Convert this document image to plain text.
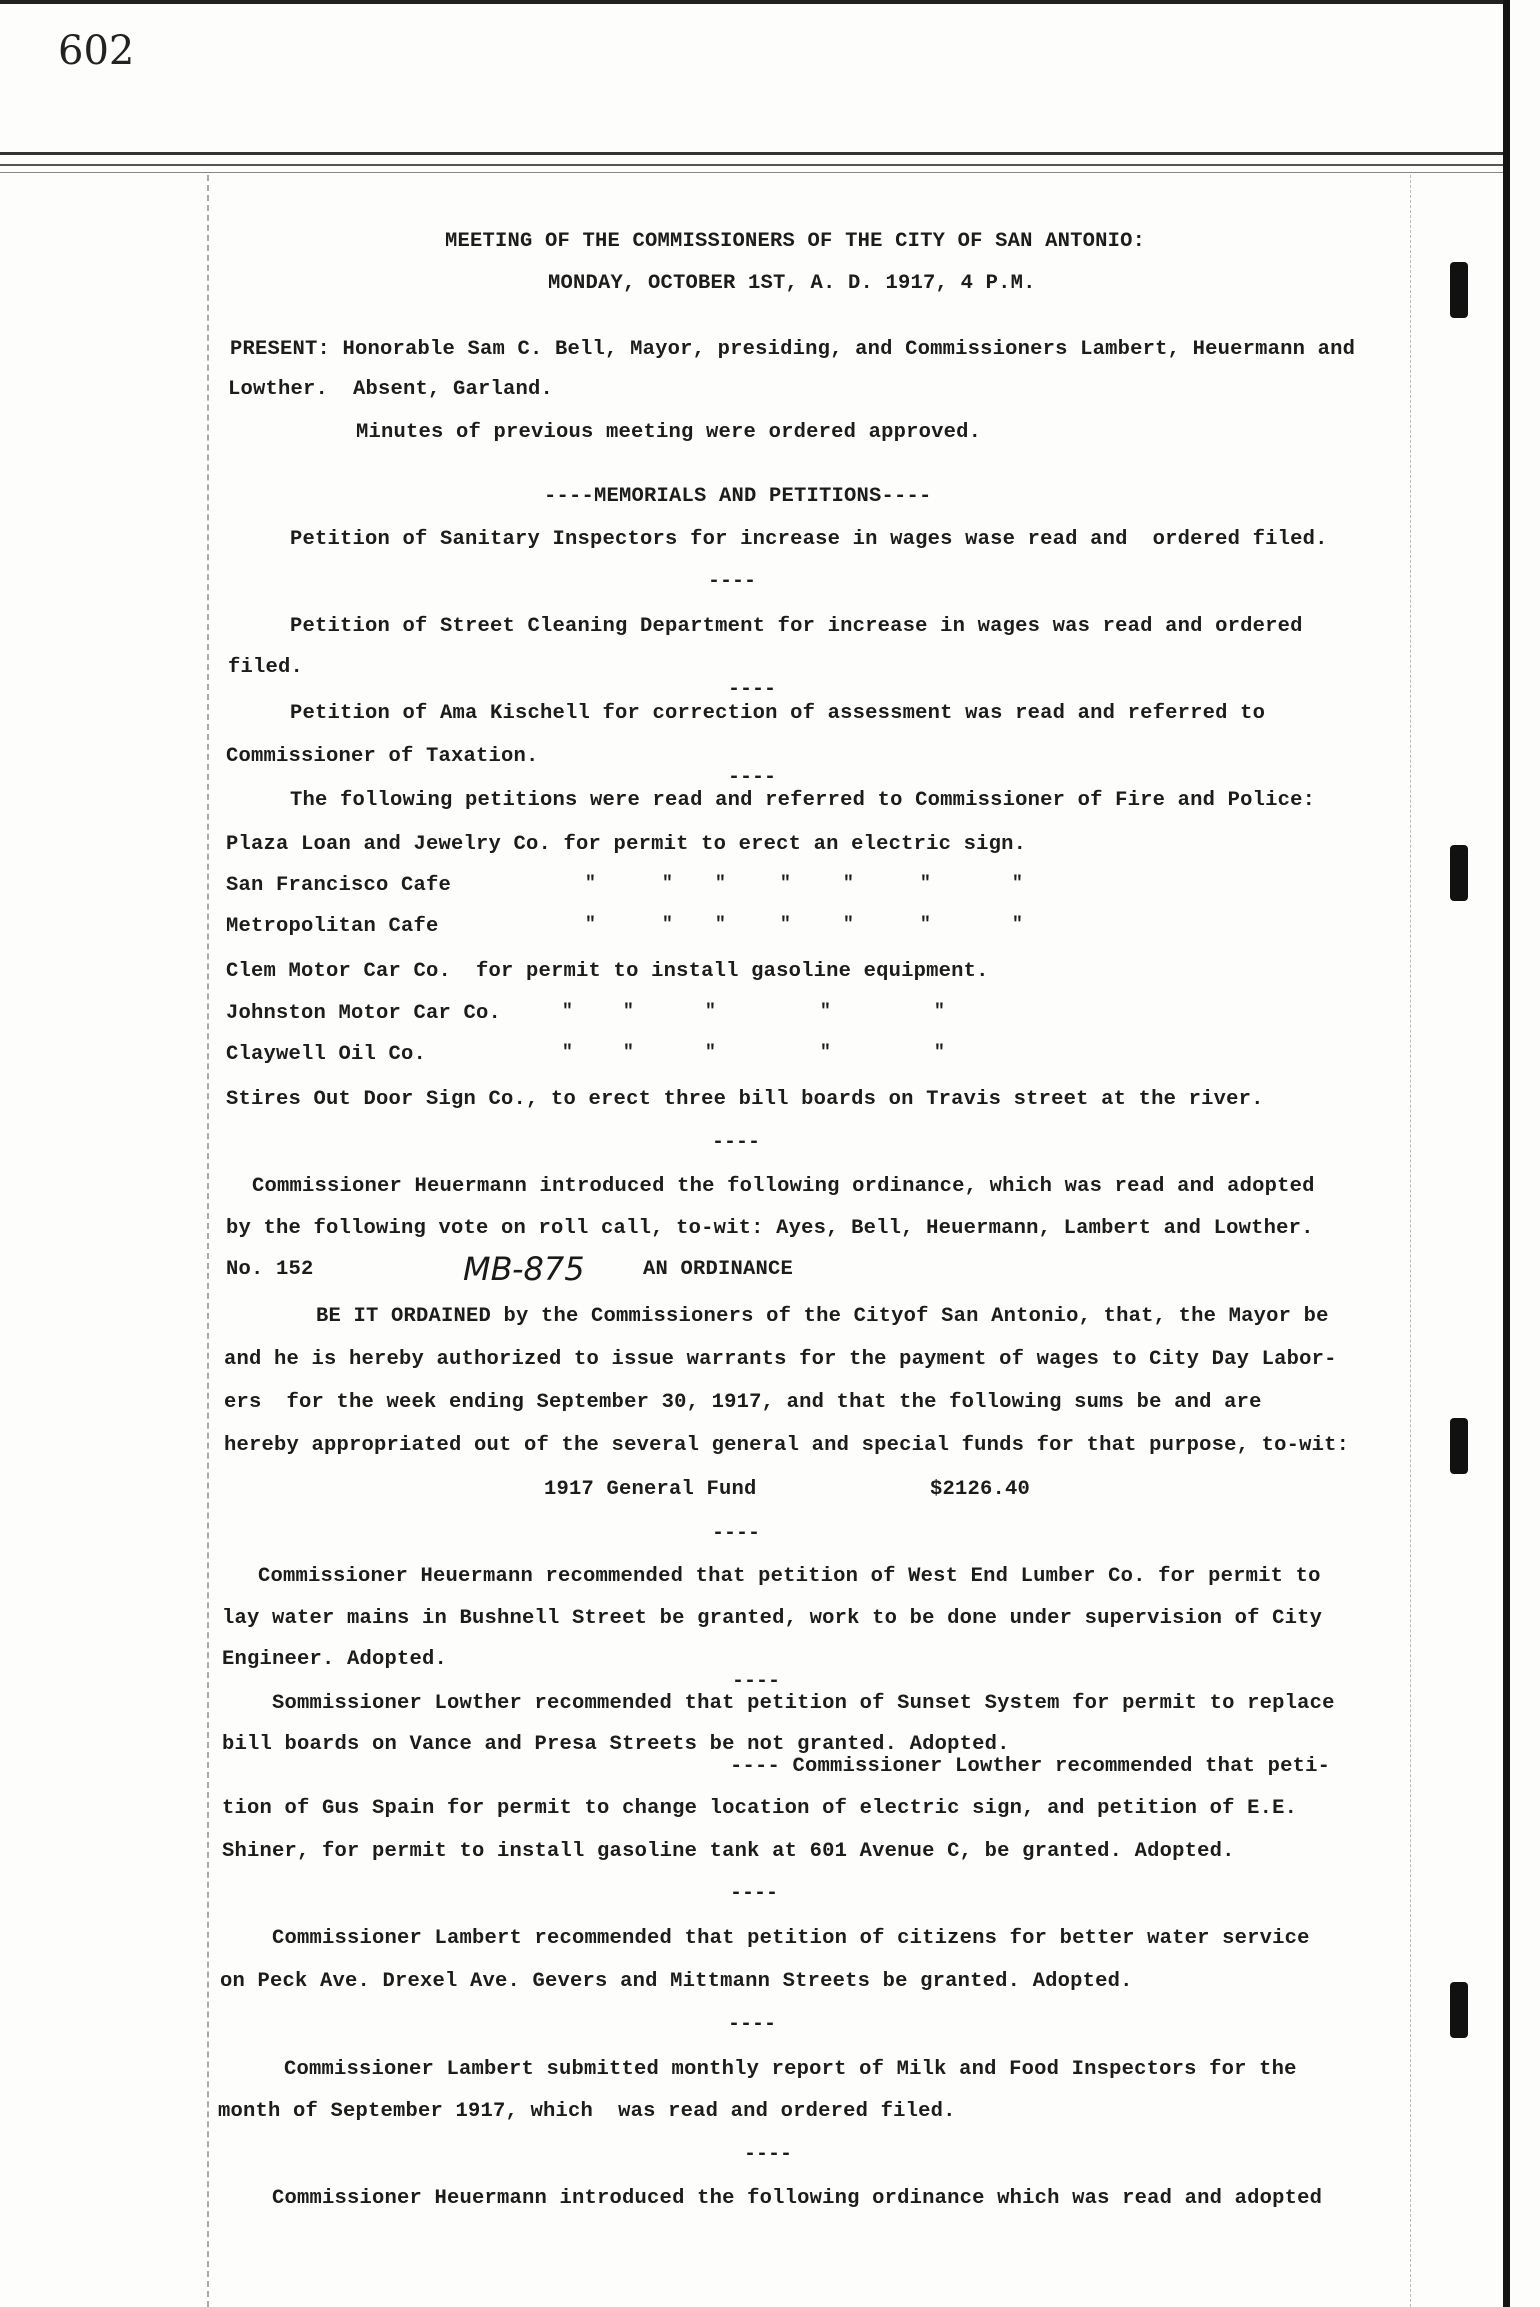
602
MEETING OF THE COMMISSIONERS OF THE CITY OF SAN ANTONIO:
MONDAY, OCTOBER 1ST, A. D. 1917, 4 P.M.
PRESENT: Honorable Sam C. Bell, Mayor, presiding, and Commissioners Lambert, Heuermann and
Lowther.  Absent, Garland.
Minutes of previous meeting were ordered approved.
----MEMORIALS AND PETITIONS----
Petition of Sanitary Inspectors for increase in wages wase read and  ordered filed.
----
Petition of Street Cleaning Department for increase in wages was read and ordered
filed.
----
Petition of Ama Kischell for correction of assessment was read and referred to
Commissioner of Taxation.
----
The following petitions were read and referred to Commissioner of Fire and Police:
Plaza Loan and Jewelry Co. for permit to erect an electric sign.
San Francisco Cafe	"	" "	"	"	"	"
Metropolitan Cafe	"	" "	"	"	"	"
Clem Motor Car Co.  for permit to install gasoline equipment.
Johnston Motor Car Co.	"	"	"	"	"
Claywell Oil Co.	"	"	"	"	"
Stires Out Door Sign Co., to erect three bill boards on Travis street at the river.
----
Commissioner Heuermann introduced the following ordinance, which was read and adopted
by the following vote on roll call, to-wit: Ayes, Bell, Heuermann, Lambert and Lowther.
No. 152	MB-875	AN ORDINANCE
BE IT ORDAINED by the Commissioners of the Cityof San Antonio, that, the Mayor be
and he is hereby authorized to issue warrants for the payment of wages to City Day Labor-
ers  for the week ending September 30, 1917, and that the following sums be and are
hereby appropriated out of the several general and special funds for that purpose, to-wit:
1917 General Fund	$2126.40
----
Commissioner Heuermann recommended that petition of West End Lumber Co. for permit to
lay water mains in Bushnell Street be granted, work to be done under supervision of City
Engineer. Adopted.
----
Sommissioner Lowther recommended that petition of Sunset System for permit to replace
bill boards on Vance and Presa Streets be not granted. Adopted.
---- Commissioner Lowther recommended that peti-
tion of Gus Spain for permit to change location of electric sign, and petition of E.E.
Shiner, for permit to install gasoline tank at 601 Avenue C, be granted. Adopted.
----
Commissioner Lambert recommended that petition of citizens for better water service
on Peck Ave. Drexel Ave. Gevers and Mittmann Streets be granted. Adopted.
----
Commissioner Lambert submitted monthly report of Milk and Food Inspectors for the
month of September 1917, which  was read and ordered filed.
----
Commissioner Heuermann introduced the following ordinance which was read and adopted
